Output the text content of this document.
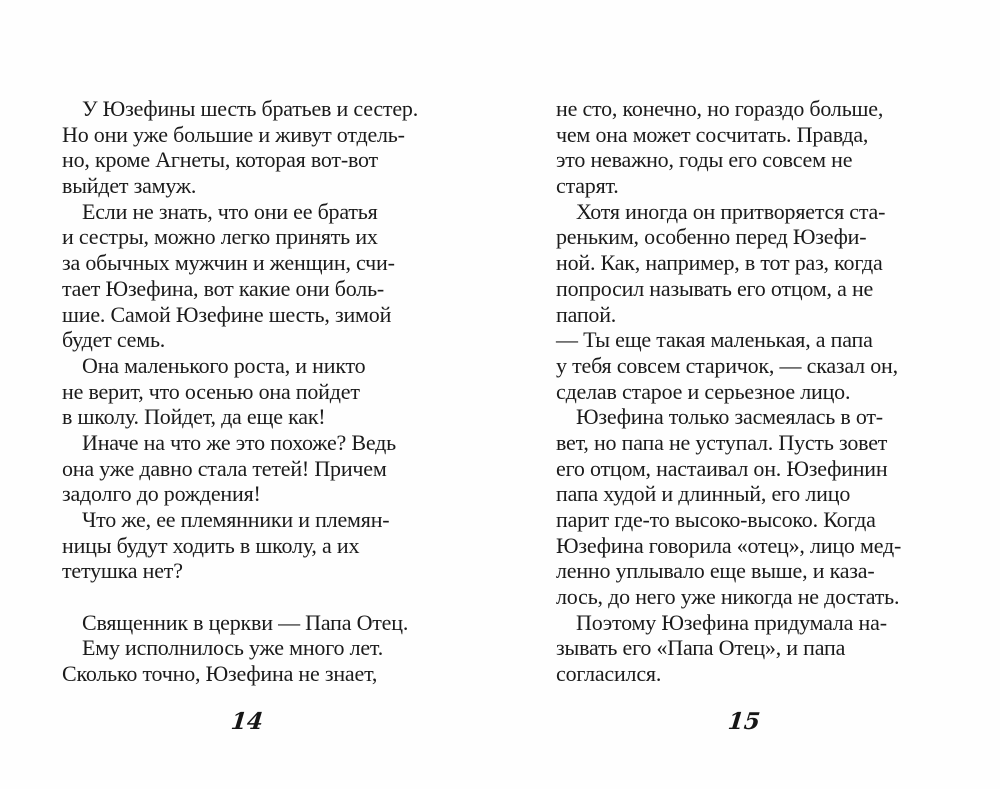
У Юзефины шесть братьев и сестер.
Но они уже большие и живут отдель-
но, кроме Агнеты, которая вот-вот
выйдет замуж.
Если не знать, что они ее братья
и сестры, можно легко принять их
за обычных мужчин и женщин, счи-
тает Юзефина, вот какие они боль-
шие. Самой Юзефине шесть, зимой
будет семь.
Она маленького роста, и никто
не верит, что осенью она пойдет
в школу. Пойдет, да еще как!
Иначе на что же это похоже? Ведь
она уже давно стала тетей! Причем
задолго до рождения!
Что же, ее племянники и племян-
ницы будут ходить в школу, а их
тетушка нет?

Священник в церкви — Папа Отец.
Ему исполнилось уже много лет.
Сколько точно, Юзефина не знает,
14
не сто, конечно, но гораздо больше,
чем она может сосчитать. Правда,
это неважно, годы его совсем не
старят.
Хотя иногда он притворяется ста-
реньким, особенно перед Юзефи-
ной. Как, например, в тот раз, когда
попросил называть его отцом, а не
папой.
— Ты еще такая маленькая, а папа
у тебя совсем старичок, — сказал он,
сделав старое и серьезное лицо.
Юзефина только засмеялась в от-
вет, но папа не уступал. Пусть зовет
его отцом, настаивал он. Юзефинин
папа худой и длинный, его лицо
парит где-то высоко-высоко. Когда
Юзефина говорила «отец», лицо мед-
ленно уплывало еще выше, и каза-
лось, до него уже никогда не достать.
Поэтому Юзефина придумала на-
зывать его «Папа Отец», и папа
согласился.
15
